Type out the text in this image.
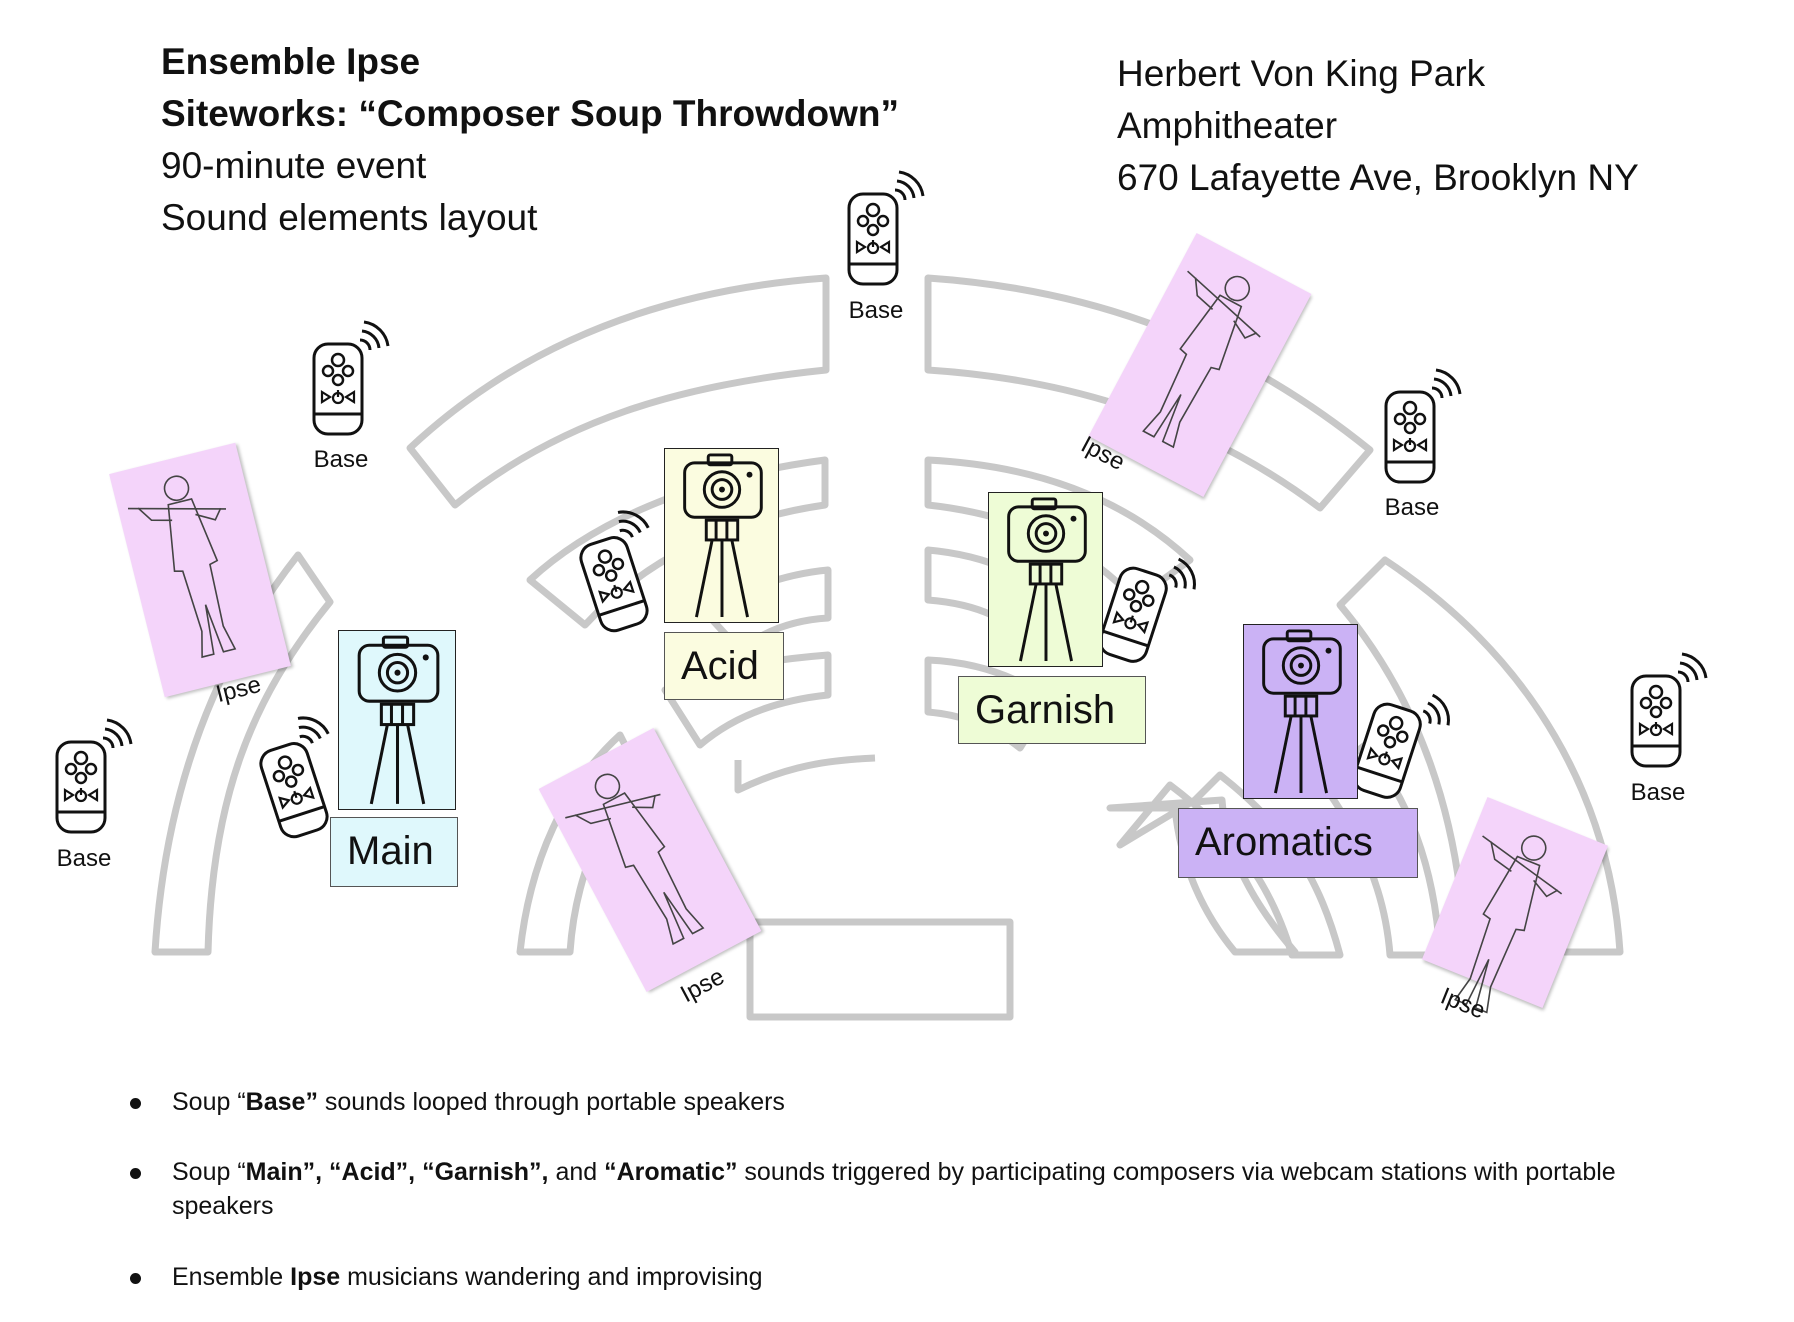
Ensemble Ipse
Siteworks: “Composer Soup Throwdown”
90-minute event
Sound elements layout
Herbert Von King Park
Amphitheater
670 Lafayette Ave, Brooklyn NY
Base
Base
Base
Base
Base
Main
Acid
Garnish
Aromatics
Ipse
Ipse
Ipse	Ipse
Soup “Base” sounds looped through portable speakers
Soup “Main”, “Acid”, “Garnish”, and “Aromatic” sounds triggered by participating composers via webcam stations with portable speakers
Ensemble Ipse musicians wandering and improvising
